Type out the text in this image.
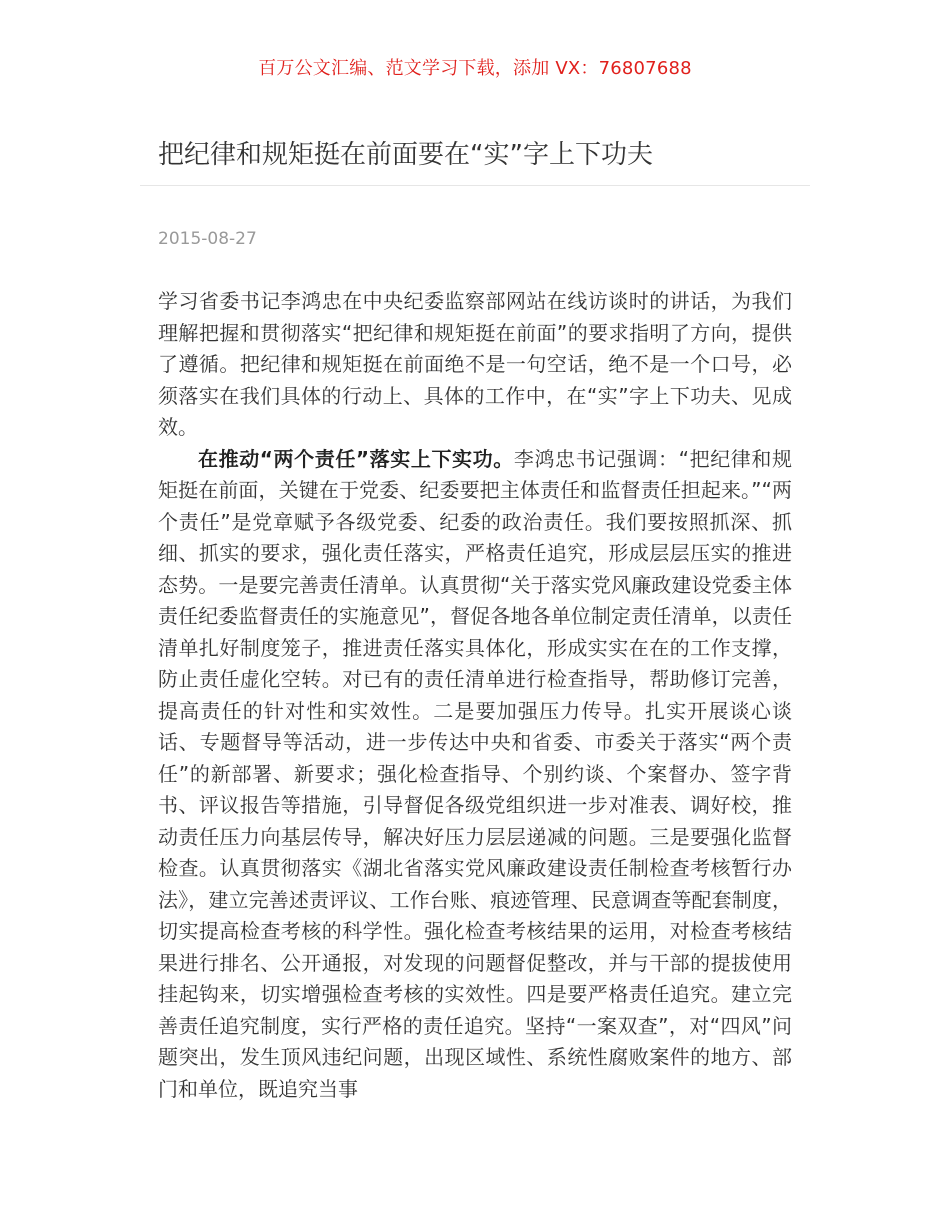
百万公文汇编、范文学习下载，添加 VX：76807688
把纪律和规矩挺在前面要在“实”字上下功夫
2015-08-27

学习省委书记李鸿忠在中央纪委监察部网站在线访谈时的讲话，为我们理解把握和贯彻落实“把纪律和规矩挺在前面”的要求指明了方向，提供了遵循。把纪律和规矩挺在前面绝不是一句空话，绝不是一个口号，必须落实在我们具体的行动上、具体的工作中，在“实”字上下功夫、见成效。

在推动“两个责任”落实上下实功。李鸿忠书记强调：“把纪律和规矩挺在前面，关键在于党委、纪委要把主体责任和监督责任担起来。”“两个责任”是党章赋予各级党委、纪委的政治责任。我们要按照抓深、抓细、抓实的要求，强化责任落实，严格责任追究，形成层层压实的推进态势。一是要完善责任清单。认真贯彻“关于落实党风廉政建设党委主体责任纪委监督责任的实施意见”，督促各地各单位制定责任清单，以责任清单扎好制度笼子，推进责任落实具体化，形成实实在在的工作支撑，防止责任虚化空转。对已有的责任清单进行检查指导，帮助修订完善，提高责任的针对性和实效性。二是要加强压力传导。扎实开展谈心谈话、专题督导等活动，进一步传达中央和省委、市委关于落实“两个责任”的新部署、新要求；强化检查指导、个别约谈、个案督办、签字背书、评议报告等措施，引导督促各级党组织进一步对准表、调好校，推动责任压力向基层传导，解决好压力层层递减的问题。三是要强化监督检查。认真贯彻落实《湖北省落实党风廉政建设责任制检查考核暂行办法》，建立完善述责评议、工作台账、痕迹管理、民意调查等配套制度，切实提高检查考核的科学性。强化检查考核结果的运用，对检查考核结果进行排名、公开通报，对发现的问题督促整改，并与干部的提拔使用挂起钩来，切实增强检查考核的实效性。四是要严格责任追究。建立完善责任追究制度，实行严格的责任追究。坚持“一案双查”，对“四风”问题突出，发生顶风违纪问题，出现区域性、系统性腐败案件的地方、部门和单位，既追究当事
